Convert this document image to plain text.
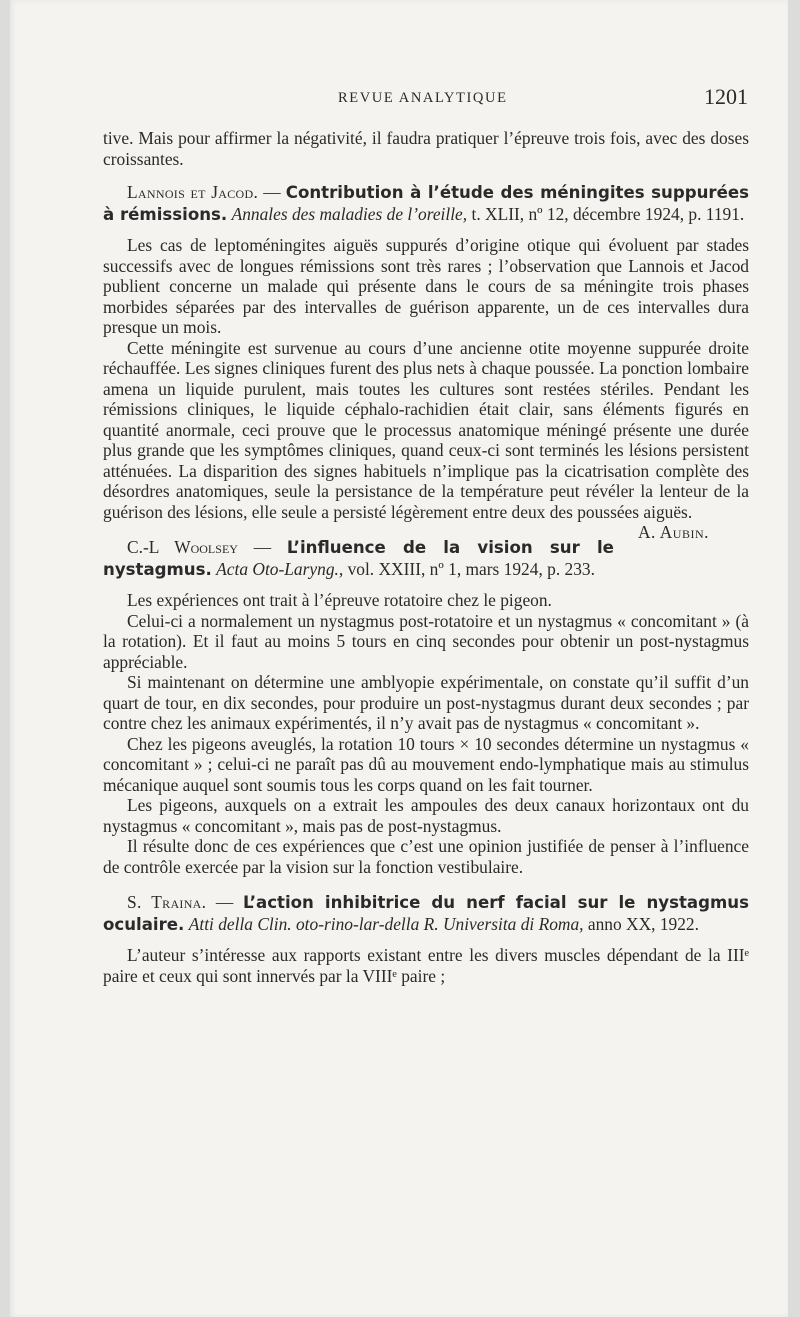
REVUE ANALYTIQUE	1201

tive. Mais pour affirmer la négativité, il faudra pratiquer l’épreuve trois fois, avec des doses croissantes.

Lannois et Jacod. — Contribution à l’étude des méningites suppurées à rémissions. Annales des maladies de l’oreille, t. XLII, nº 12, décembre 1924, p. 1191.

Les cas de leptoméningites aiguës suppurés d’origine otique qui évoluent par stades successifs avec de longues rémissions sont très rares ; l’observation que Lannois et Jacod publient concerne un malade qui présente dans le cours de sa méningite trois phases morbides séparées par des intervalles de guérison apparente, un de ces intervalles dura presque un mois.

Cette méningite est survenue au cours d’une ancienne otite moyenne suppurée droite réchauffée. Les signes cliniques furent des plus nets à chaque poussée. La ponction lombaire amena un liquide purulent, mais toutes les cultures sont restées stériles. Pendant les rémissions cliniques, le liquide céphalo-rachidien était clair, sans éléments figurés en quantité anormale, ceci prouve que le processus anatomique méningé présente une durée plus grande que les symptômes cliniques, quand ceux-ci sont terminés les lésions persistent atténuées. La disparition des signes habituels n’implique pas la cicatrisation complète des désordres anatomiques, seule la persistance de la température peut révéler la lenteur de la guérison des lésions, elle seule a persisté légèrement entre deux des poussées aiguës.
A. Aubin.

C.-L Woolsey — L’influence de la vision sur le nystagmus. Acta Oto-Laryng., vol. XXIII, nº 1, mars 1924, p. 233.

Les expériences ont trait à l’épreuve rotatoire chez le pigeon.

Celui-ci a normalement un nystagmus post-rotatoire et un nystagmus « concomitant » (à la rotation). Et il faut au moins 5 tours en cinq secondes pour obtenir un post-nystagmus appréciable.

Si maintenant on détermine une amblyopie expérimentale, on constate qu’il suffit d’un quart de tour, en dix secondes, pour produire un post-nystagmus durant deux secondes ; par contre chez les animaux expérimentés, il n’y avait pas de nystagmus « concomitant ».

Chez les pigeons aveuglés, la rotation 10 tours × 10 secondes détermine un nystagmus « concomitant » ; celui-ci ne paraît pas dû au mouvement endo-lymphatique mais au stimulus mécanique auquel sont soumis tous les corps quand on les fait tourner.

Les pigeons, auxquels on a extrait les ampoules des deux canaux horizontaux ont du nystagmus « concomitant », mais pas de post-nystagmus.

Il résulte donc de ces expériences que c’est une opinion justifiée de penser à l’influence de contrôle exercée par la vision sur la fonction vestibulaire.

S. Traina. — L’action inhibitrice du nerf facial sur le nystagmus oculaire. Atti della Clin. oto-rino-lar-della R. Universita di Roma, anno XX, 1922.

L’auteur s’intéresse aux rapports existant entre les divers muscles dépendant de la IIIᵉ paire et ceux qui sont innervés par la VIIIᵉ paire ;
